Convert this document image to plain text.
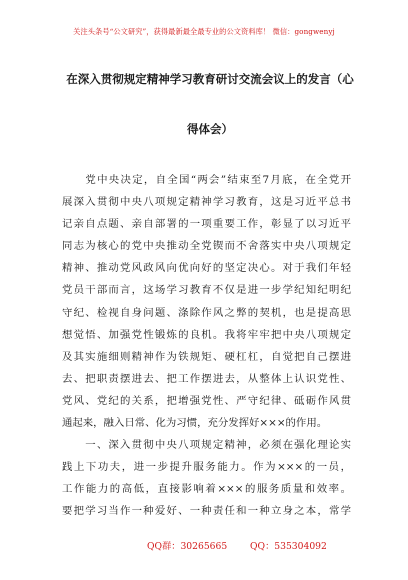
关注头条号“公文研究”，获得最新最全最专业的公文资料库！ 微信：gongwenyj
在深入贯彻规定精神学习教育研讨交流会议上的发言（心
得体会）
　　党中央决定，自全国“两会”结束至7月底，在全党开
展深入贯彻中央八项规定精神学习教育，这是习近平总书
记亲自点题、亲自部署的一项重要工作，彰显了以习近平
同志为核心的党中央推动全党锲而不舍落实中央八项规定
精神、推动党风政风向优向好的坚定决心。对于我们年轻
党员干部而言，这场学习教育不仅是进一步学纪知纪明纪
守纪、检视自身问题、涤除作风之弊的契机，也是提高思
想觉悟、加强党性锻炼的良机。我将牢牢把中央八项规定
及其实施细则精神作为铁规矩、硬杠杠，自觉把自己摆进
去、把职责摆进去、把工作摆进去，从整体上认识党性、
党风、党纪的关系，把增强党性、严守纪律、砥砺作风贯
通起来，融入日常、化为习惯，充分发挥好×××的作用。
　　一、深入贯彻中央八项规定精神，必须在强化理论实
践上下功夫，进一步提升服务能力。作为×××的一员，
工作能力的高低，直接影响着×××的服务质量和效率。
要把学习当作一种爱好、一种责任和一种立身之本，常学
QQ群：30265665 QQ：535304092
